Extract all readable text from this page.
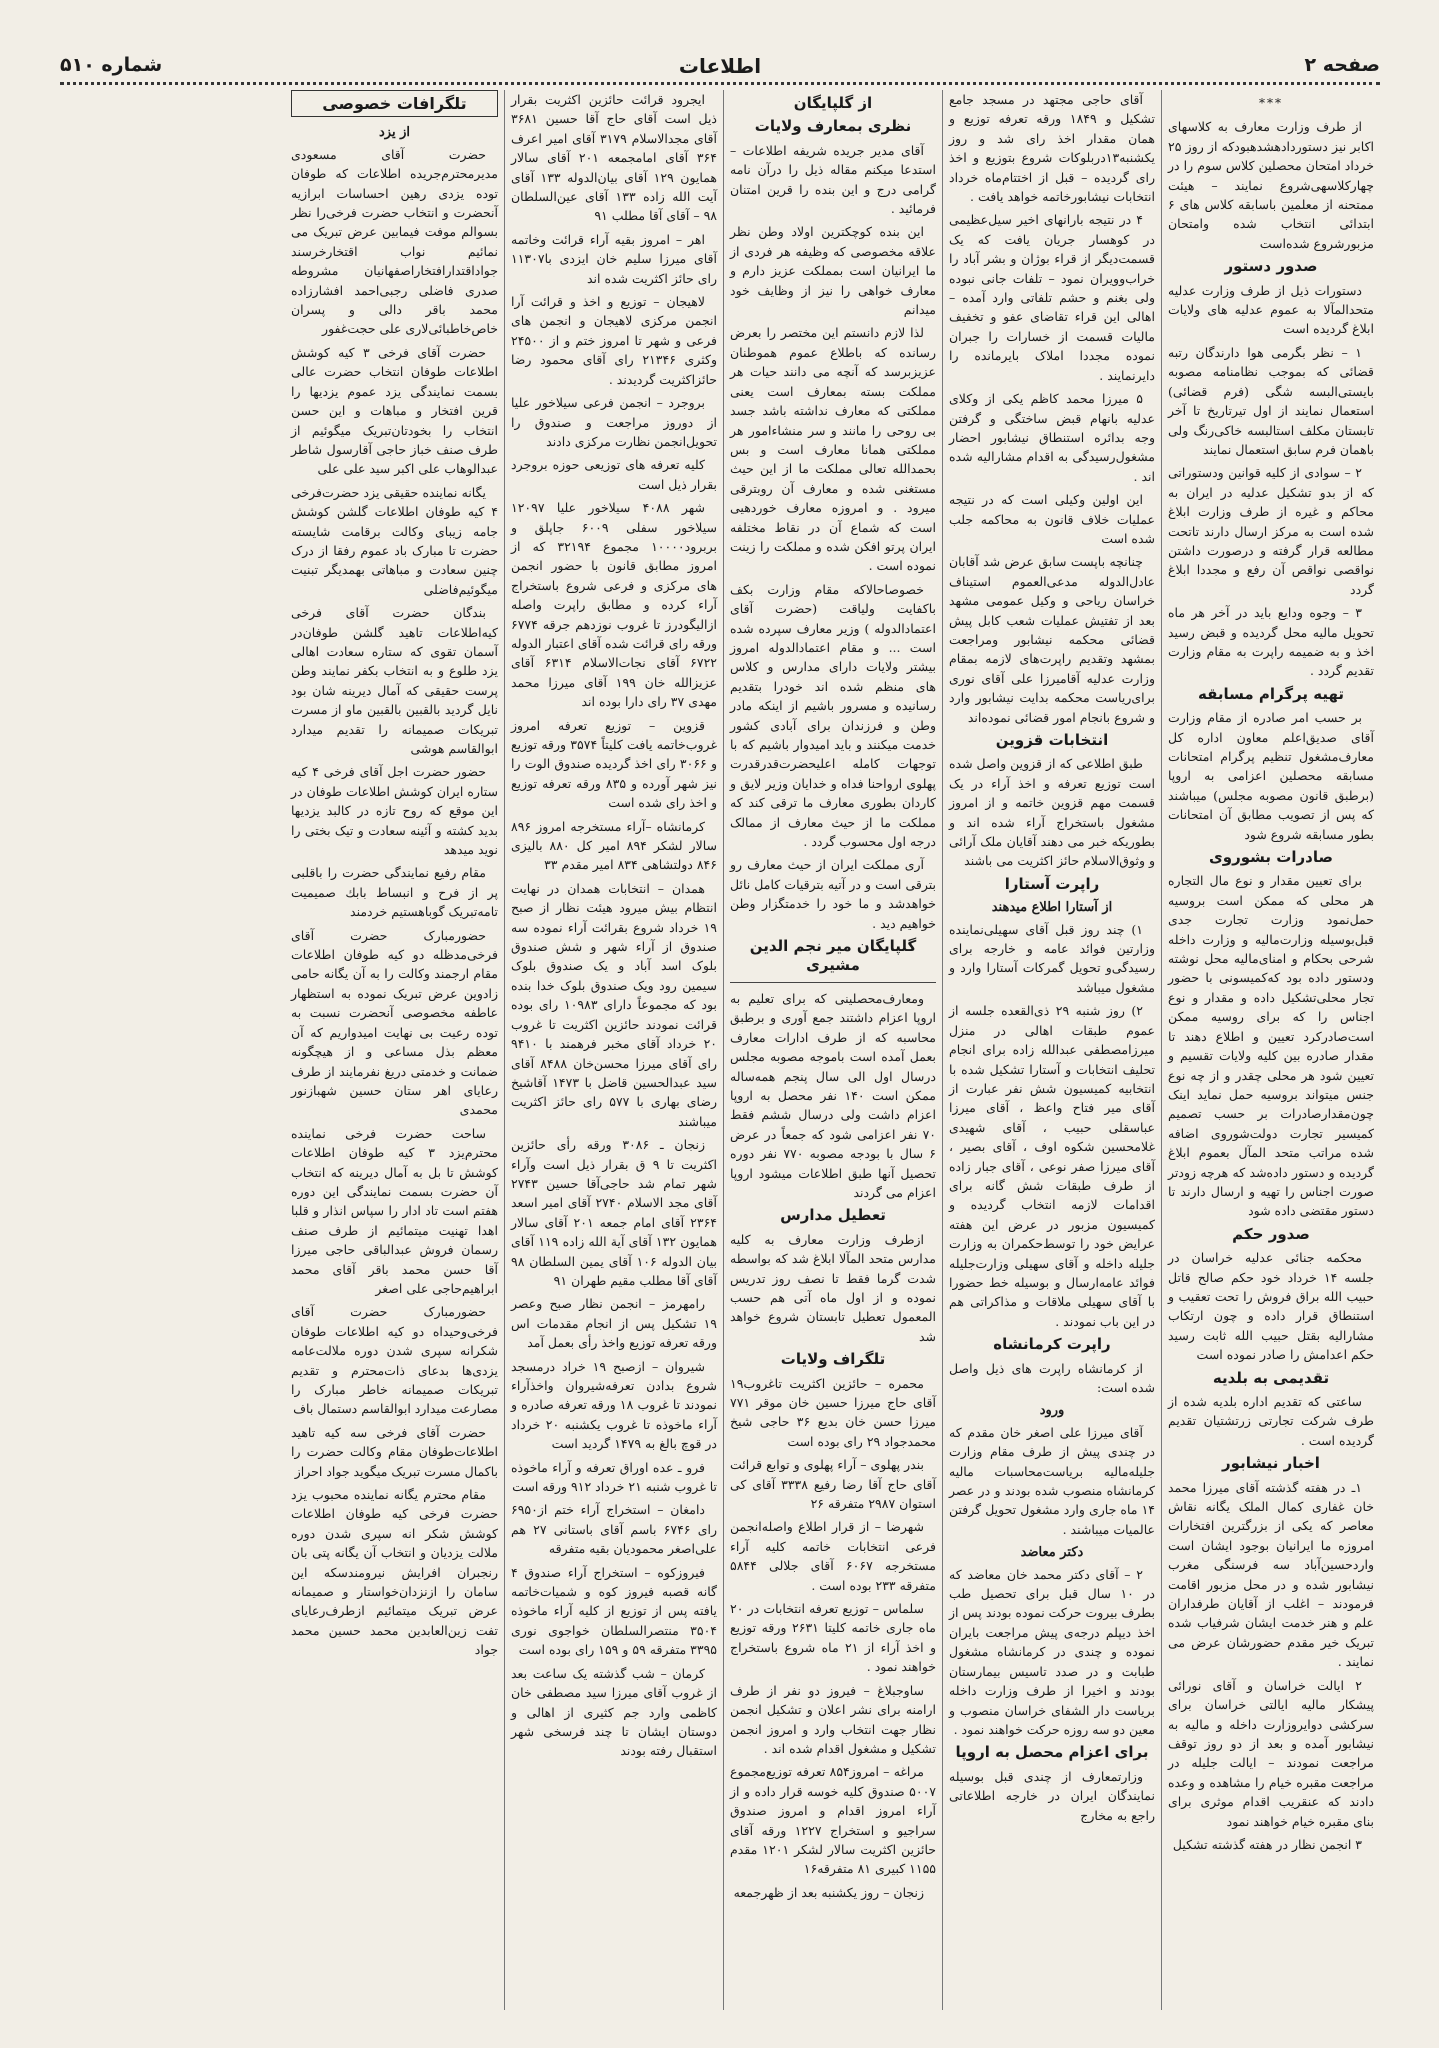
صفحه ۲
اطلاعات
شماره ۵۱۰
***

از طرف وزارت معارف به کلاسهای اکابر نیز دستوردادهشدهبودکه از روز ۲۵ خرداد امتحان محصلین کلاس سوم را در چهارکلاسهی‌شروع نمایند – هیئت ممتحنه از معلمین باسابقه کلاس های ۶ ابتدائی انتخاب شده وامتحان مزبورشروع شده‌است

صدور دستور

دستورات ذیل از طرف وزارت عدلیه متحدالمآلا به عموم عدلیه های ولایات ابلاغ گردیده است

۱ – نظر بگرمی هوا دارندگان رتبه قضائی که بموجب نظامنامه مصوبه بایستی‌البسه شگی (فرم قضائی) استعمال نمایند از اول تیرتاریخ تا آخر تابستان مکلف استالبسه خاکی‌رنگ ولی باهمان فرم سابق استعمال نمایند

۲ – سوادی از کلیه قوانین ودستوراتی که از بدو تشکیل عدلیه در ایران به محاکم و غیره از طرف وزارت ابلاغ شده است به مرکز ارسال دارند تاتحت مطالعه قرار گرفته و درصورت داشتن نواقصی نواقص آن رفع و مجددا ابلاغ گردد

۳ – وجوه ودایع باید در آخر هر ماه تحویل مالیه محل گردیده و قبض رسید اخذ و به ضمیمه راپرت به مقام وزارت تقدیم گردد .

تهیه پرگرام مسابقه

بر حسب امر صادره از مقام وزارت آقای صدیق‌اعلم معاون اداره کل معارف‌مشغول تنظیم پرگرام امتحانات مسابقه محصلین اعزامی به اروپا (برطبق قانون مصوبه مجلس) میباشند که پس از تصویب مطابق آن امتحانات بطور مسابقه شروع شود

صادرات بشوروی

برای تعیین مقدار و نوع مال التجاره هر محلی که ممکن است بروسیه حمل‌نمود وزارت تجارت جدی قبل‌بوسیله وزارت‌مالیه و وزارت داخله شرحی بحکام و امنای‌مالیه محل نوشته ودستور داده بود که‌کمیسونی با حضور تجار محلی‌تشکیل داده و مقدار و نوع اجناس را که برای روسیه ممکن است‌صادرکرد تعیین و اطلاع دهند تا مقدار صادره بین کلیه ولایات تقسیم و تعیین شود هر محلی چقدر و از چه نوع جنس میتواند بروسیه حمل نماید اینک چون‌مقدار‌صادرات بر حسب تصمیم کمیسیر تجارت دولت‌شوروی اضافه شده مراتب متحد المآل بعموم ابلاغ گردیده و دستور داده‌شد که هرچه زودتر صورت اجناس را تهیه و ارسال دارند تا دستور مقتضی داده شود

صدور حکم

محکمه جنائی عدلیه خراسان در جلسه ۱۴ خرداد خود حکم صالح قاتل حبیب الله براق فروش را تحت تعقیب و استنطاق قرار داده و چون ارتکاب مشارالیه بقتل حبیب الله ثابت رسید حکم اعدامش را صادر نموده است

تقدیمی به بلدیه

ساعتی که تقدیم اداره بلدیه شده از طرف شرکت تجارتی زرتشتیان تقدیم گردیده است .

اخبار نیشابور

۱ـ در هفته گذشته آقای میرزا محمد خان غفاری کمال الملک یگانه نقاش معاصر که یکی از بزرگترین افتخارات امروزه ما ایرانیان بوجود ایشان است واردحسین‌آباد سه فرسنگی مغرب نیشابور شده و در محل مزبور اقامت فرمودند – اغلب از آقایان طرفداران علم و هنر خدمت ایشان شرفیاب شده تبریک خیر مقدم حضورشان عرض می نمایند .

۲ ایالت خراسان و آقای نورائی پیشکار مالیه ایالتی خراسان برای سرکشی دوایروزارت داخله و مالیه به نیشابور آمده و بعد از دو روز توقف مراجعت نمودند – ایالت جلیله در مراجعت مقبره خیام را مشاهده و وعده دادند که عنقریب اقدام موثری برای بنای مقبره خیام خواهند نمود

۳ انجمن نظار در هفته گذشته تشکیل

آقای حاجی مجتهد در مسجد جامع تشکیل و ۱۸۴۹ ورقه تعرفه توزیع و همان مقدار اخذ رای شد و روز یکشنبه۱۳دربلوکات شروع بتوزیع و اخذ رای گردیده – قبل از اختتام‌ماه خرداد انتخابات نیشابورخاتمه خواهد یافت .

۴ در نتیجه بارانهای اخیر سیل‌عظیمی در کوهسار جریان یافت که یک قسمت‌دیگر از قراء بوژان و بشر آباد را خراب‌وویران نمود – تلفات جانی نبوده ولی بغنم و حشم تلفاتی وارد آمده – اهالی این قراء تقاضای عفو و تخفیف مالیات قسمت از خسارات را جبران نموده مجددا املاک بایرمانده را دایرنمایند .

۵ میرزا محمد کاظم یکی از وکلای عدلیه بانهام قبض ساختگی و گرفتن وجه بدائره استنطاق نیشابور احضار مشغول‌رسیدگی به اقدام مشارالیه شده اند .

این اولین وکیلی است که در نتیجه عملیات خلاف قانون به محاکمه جلب شده است

چنانچه باپست سابق عرض شد آقابان عادل‌الدوله مدعی‌العموم استیناف خراسان ریاحی و وکیل عمومی مشهد بعد از تفتیش عملیات شعب کابل پیش قضائی محکمه نیشابور ومراجعت بمشهد وتقدیم راپرت‌های لازمه بمقام وزارت عدلیه آقامیرزا علی آقای نوری برای‌ریاست محکمه بدایت نیشابور وارد و شروع بانجام امور قضائی نموده‌اند

انتخابات قزوین

طبق اطلاعی که از قزوین واصل شده است توزیع تعرفه و اخذ آراء در یک قسمت مهم قزوین خاتمه و از امروز مشغول باستخراج آراء شده اند و بطوریکه خبر می دهند آقایان ملک آرائی و وثوق‌الاسلام حائز اکثریت می باشند

راپرت آستارا
از آستارا اطلاع میدهند

۱) چند روز قبل آقای سهیلی‌نماینده وزارتین فوائد عامه و خارجه برای رسیدگی‌و تحویل گمرکات آستارا وارد و مشغول میباشد

۲) روز شنبه ۲۹ ذی‌القعده جلسه از عموم طبقات اهالی در منزل میرزامصطفی عبدالله زاده برای انجام تحلیف انتخابات و آستارا تشکیل شده با انتخابیه کمیسیون شش نفر عبارت از آقای میر فتاح واعظ ، آقای میرزا عباسقلی حبیب ، آقای شهیدی غلامحسین شکوه اوف ، آقای بصیر ، آقای میرزا صفر نوعی ، آقای جبار زاده از طرف طبقات شش گانه برای اقدامات لازمه انتخاب گردیده و کمیسیون مزبور در عرض این هفته عرایض خود را توسط‌حکمران به وزارت جلیله داخله و آقای سهیلی وزارت‌جلیله فوائد عامه‌ارسال و بوسیله خط حضورا با آقای سهیلی ملاقات و مذاکراتی هم در این باب نمودند .

راپرت کرمانشاه

از کرمانشاه راپرت های ذیل واصل شده است:

ورود

آقای میرزا علی اصغر خان مقدم که در چندی پیش از طرف مقام وزارت جلیله‌مالیه بریاست‌محاسبات مالیه کرمانشاه منصوب شده بودند و در عصر ۱۴ ماه جاری وارد مشغول تحویل گرفتن عالمیات میباشند .

دکتر معاضد

۲ – آقای دکتر محمد خان معاضد که در ۱۰ سال قبل برای تحصیل طب بطرف بیروت حرکت نموده بودند پس از اخذ دیپلم درجه‌ی پیش مراجعت بایران نموده و چندی در کرمانشاه مشغول طبابت و در صدد تاسیس بیمارستان بودند و اخیرا از طرف وزارت داخله بریاست دار الشفای خراسان منصوب و معین دو سه روزه حرکت خواهند نمود .

برای اعزام محصل به اروپا

وزارتمعارف از چندی قبل بوسیله نمایندگان ایران در خارجه اطلاعاتی راجع به مخارج

از گلپایگان
نظری بمعارف ولایات

آقای مدیر جریده شریفه اطلاعات – استدعا میکنم مقاله ذیل را درآن نامه گرامی درج و این بنده را قرین امتنان فرمائید .

این بنده کوچکترین اولاد وطن نظر علاقه مخصوصی که وظیفه هر فردی از ما ایرانیان است بمملکت عزیز دارم و معارف خواهی را نیز از وظایف خود میدانم

لذا لازم دانستم این مختصر را بعرض رسانده که باطلاع عموم هموطنان عزیزبرسد که آنچه می دانند حیات هر مملکت بسته بمعارف است یعنی مملکتی که معارف نداشته باشد جسد بی روحی را مانند و سر منشاءامور هر مملکتی همانا معارف است و بس بحمدالله تعالی مملکت ما از این حیث مستغنی شده و معارف آن روبترقی میرود . و امروزه معارف خوردهیی است که شماع آن در نقاط مختلفه ایران پرتو افکن شده و مملکت را زینت نموده است .

خصوصاحالاکه مقام وزارت بکف باکفایت ولیاقت (حضرت آقای اعتمادالدوله ) وزیر معارف سپرده شده است ... و مقام اعتمادالدوله امروز بیشتر ولایات دارای مدارس و کلاس های منظم شده اند خودرا بتقدیم رسانیده و مسرور باشیم از اینکه مادر وطن و فرزندان برای آبادی کشور خدمت میکنند و باید امیدوار باشیم که با توجهات کامله اعلیحضرت‌قدرقدرت پهلوی ارواحنا فداه و خدایان وزیر لایق و کاردان بطوری معارف ما ترقی کند که مملکت ما از حیث معارف از ممالک درجه اول محسوب گردد .

آری مملکت ایران از حیث معارف رو بترقی است و در آتیه بترقیات کامل نائل خواهدشد و ما خود را خدمتگزار وطن خواهیم دید .

گلپایگان میر نجم الدین مشیری

ومعارف‌محصلینی که برای تعلیم به اروپا اعزام داشتند جمع آوری و برطبق محاسبه که از طرف ادارات معارف بعمل آمده است باموجه مصوبه مجلس درسال اول الی سال پنجم همه‌ساله ممکن است ۱۴۰ نفر محصل به اروپا اعزام داشت ولی درسال ششم فقط ۷۰ نفر اعزامی شود که جمعاً در عرض ۶ سال با بودجه مصوبه ۷۷۰ نفر دوره تحصیل آنها طبق اطلاعات میشود اروپا اعزام می گردند

تعطیل مدارس

ازطرف وزارت معارف به کلیه مدارس متحد المآلا ابلاغ شد که بواسطه شدت گرما فقط تا نصف روز تدریس نموده و از اول ماه آتی هم حسب المعمول تعطیل تابستان شروع خواهد شد

تلگراف ولایات

محمره – حائزین اکثریت تاغروب۱۹ آقای حاج میرزا حسین خان موقر ۷۷۱ میرزا حسن خان بدیع ۳۶ حاجی شیخ محمدجواد ۲۹ رای بوده است

بندر پهلوی – آراء پهلوی و توابع قرائت آقای حاج آقا رضا رفیع ۳۳۳۸ آقای کی استوان ۲۹۸۷ متفرقه ۲۶

شهرضا – از قرار اطلاع واصله‌انجمن فرعی انتخابات خاتمه کلیه آراء مستخرجه ۶۰۶۷ آقای جلالی ۵۸۴۴ متفرقه ۲۳۳ بوده است .

سلماس – توزیع تعرفه انتخابات در ۲۰ ماه جاری خاتمه کلیتا ۲۶۳۱ ورقه توزیع و اخذ آراء از ۲۱ ماه شروع باستخراج خواهند نمود .

ساوجبلاغ – فیروز دو نفر از طرف ارامنه برای نشر اعلان و تشکیل انجمن نظار جهت انتخاب وارد و امروز انجمن تشکیل و مشغول اقدام شده اند .

مراغه – امروز۸۵۴ تعرفه توزیع‌مجموع ۵۰۰۷ صندوق کلیه خوسه قرار داده و از آراء امروز اقدام و امروز صندوق سراجیو و استخراج ۱۲۲۷ ورقه آقای حائزین اکثریت سالار لشکر ۱۲۰۱ مقدم ۱۱۵۵ کبیری ۸۱ متفرقه۱۶

زنجان – روز یکشنبه بعد از ظهرجمعه

ایجرود قرائت حائزین اکثریت بقرار ذیل است آقای حاج آقا حسین ۳۶۸۱ آقای مجدالاسلام ۳۱۷۹ آقای امیر اعرف ۳۶۴ آقای امامجمعه ۲۰۱ آقای سالار همایون ۱۲۹ آقای بیان‌الدوله ۱۳۳ آقای آیت الله زاده ۱۳۳ آقای عین‌السلطان ۹۸ – آقای آقا مطلب ۹۱

اهر – امروز بقیه آراء قرائت وخاتمه آقای میرزا سلیم خان ایزدی با۱۱۳۰۷ رای حائز اکثریت شده اند

لاهیجان – توزیع و اخذ و قرائت آرا انجمن مرکزی لاهیجان و انجمن های فرعی و شهر تا امروز ختم و از ۲۴۵۰۰ وکثری ۲۱۳۴۶ رای آقای محمود رضا حائزاکثریت گردیدند .

بروجرد – انجمن فرعی سیلاخور علیا از دوروز مراجعت و صندوق را تحویل‌انجمن نظارت مرکزی دادند

کلیه تعرفه های توزیعی حوزه بروجرد بقرار ذیل است

شهر ۴۰۸۸ سیلاخور علیا ۱۲۰۹۷ سیلاخور سفلی ۶۰۰۹ جاپلق و بربرود۱۰۰۰۰ مجموع ۳۲۱۹۴ که از امروز مطابق قانون با حضور انجمن های مرکزی و فرعی شروع باستخراج آراء کرده و مطابق راپرت واصله ازالیگودرز تا غروب نوزدهم جرقه ۶۷۷۴ ورقه رای قرائت شده آقای اعتبار الدوله ۶۷۲۲ آقای نجات‌الاسلام ۶۳۱۴ آقای عزیزالله خان ۱۹۹ آقای میرزا محمد مهدی ۳۷ رای دارا بوده اند

قزوین – توزیع تعرفه امروز غروب‌خاتمه یافت کلیتاً ۳۵۷۴ ورقه توزیع و ۳۰۶۶ رای اخذ گردیده صندوق الوت را نیز شهر آورده و ۸۳۵ ورقه تعرفه توزیع و اخذ رای شده است

کرمانشاه –آراء مستخرجه امروز ۸۹۶ سالار لشکر ۸۹۴ امیر کل ۸۸۰ بالیزی ۸۴۶ دولتشاهی ۸۳۴ امیر مقدم ۳۳

همدان – انتخابات همدان در نهایت انتظام بیش میرود هیئت نظار از صبح ۱۹ خرداد شروع بقرائت آراء نموده سه صندوق از آراء شهر و شش صندوق بلوک اسد آباد و یک صندوق بلوک سیمین رود ویک صندوق بلوک خدا بنده بود که مجموعاً دارای ۱۰۹۸۳ رای بوده قرائت نمودند حائزین اکثریت تا غروب ۲۰ خرداد آقای مخبر فرهمند با ۹۴۱۰ رای آقای میرزا محسن‌خان ۸۴۸۸ آقای سید عبدالحسین قاضل با ۱۴۷۳ آقاشیخ رضای بهاری با ۵۷۷ رای حائز اکثریت میباشند

زنجان ـ ۳۰۸۶ ورقه رأی حائزین اکثریت تا ۹ ق بقرار ذیل است وآراء شهر تمام شد حاجی‌آقا حسین ۲۷۴۳ آقای مجد الاسلام ۲۷۴۰ آقای امیر اسعد ۲۳۶۴ آقای امام جمعه ۲۰۱ آقای سالار همایون ۱۳۲ آقای آیة الله زاده ۱۱۹ آقای بیان الدوله ۱۰۶ آقای یمین السلطان ۹۸ آقای آقا مطلب مقیم طهران ۹۱

رامهرمز – انجمن نظار صبح وعصر ۱۹ تشکیل پس از انجام مقدمات اس ورقه تعرفه توزیع واخذ رأی بعمل آمد

شیروان – ازصبح ۱۹ خراد درمسجد شروع بدادن تعرفه‌شیروان واخذآراء نمودند تا غروب ۱۸ ورقه تعرفه صادره و آراء ماخوذه تا غروب یکشنبه ۲۰ خرداد در قوچ بالغ به ۱۴۷۹ گردید است

فرو ـ عده اوراق تعرفه و آراء ماخوذه تا غروب شنبه ۲۱ خرداد ۹۱۲ ورقه است

دامغان – استخراج آراء ختم از۶۹۵۰ رای ۶۷۴۶ باسم آقای باستانی ۲۷ هم علی‌اصغر محمودیان بقیه متفرقه

فیروزکوه – استخراج آراء صندوق ۴ گانه قصبه فیروز کوه و شمیات‌خاتمه یافته پس از توزیع از کلیه آراء ماخوذه ۳۵۰۴ منتصرالسلطان خواجوی نوری ۳۳۹۵ متفرقه ۵۹ و ۱۵۹ رای بوده است

کرمان – شب گذشته یک ساعت بعد از غروب آقای میرزا سید مصطفی خان کاظمی وارد جم کثیری از اهالی و دوستان ایشان تا چند فرسخی شهر استقبال رفته بودند

تلگرافات خصوصی
از یزد

حضرت آقای مسعودی مدیرمحترم‌جریده اطلاعات که طوفان توده یزدی رهین احساسات ابرازیه آنحضرت و انتخاب حضرت فرخی‌را نظر بسوالم موفت فیمابین عرض تبریک می نمائیم نواب اقتخارخرسند جواداقتدارافتخاراصفهانیان مشروطه صدری فاضلی رجبی‌احمد افشارزاده محمد باقر دالی و پسران خاص‌خاطبائی‌لاری علی حجت‌غفور

حضرت آقای فرخی ۳ کیه کوشش اطلاعات طوفان انتخاب حضرت عالی بسمت نمایندگی یزد عموم یزدیها را قرین افتخار و مباهات و این حسن انتخاب را بخودتان‌تبریک میگوئیم از طرف صنف خباز حاجی آقارسول شاطر عبدالوهاب علی اکبر سید علی علی

یگانه نماینده حقیقی یزد حضرت‌فرخی ۴ کیه طوفان اطلاعات گلشن کوشش جامه زیبای وکالت برقامت شایسته حضرت تا مبارک باد عموم رفقا از درک چنین سعادت و مباهاتی بهمدیگر تبنیت میگوئیم‌فاضلی

بندگان حضرت آقای فرخی کیه‌اطلاعات تاهید گلشن طوفان‌در آسمان تقوی که ستاره سعادت اهالی یزد طلوع و به انتخاب بکفر نمایند وطن پرست حقیقی که آمال دیرینه شان بود نایل گردید بالقبین بالقبین ماو از مسرت تبریکات صمیمانه را تقدیم میدارد ابوالقاسم هوشی

حضور حضرت اجل آقای فرخی ۴ کیه ستاره ایران کوشش اطلاعات طوفان در این موقع که روح تازه در کالبد یزدیها بدید کشته و آئینه سعادت و تیک بختی را نوید میدهد

مقام رفیع نمایندگی حضرت را باقلبی پر از فرح و انبساط بابك صمیمیت تامه‌تبریک گوباهستیم خردمند

حضورمبارک حضرت آقای فرخی‌مدظله دو کیه طوفان اطلاعات مقام ارجمند وکالت را به آن یگانه حامی زادوین عرض تبریک نموده به استظهار عاطفه مخصوصی آنحضرت نسبت به توده رعیت بی نهایت امیدواریم که آن معظم بذل مساعی و از هیچگونه ضمانت و خدمتی دریغ نفرمایند از طرف رعایای اهر ستان حسین شهبازنور محمدی

ساحت حضرت فرخی نماینده محترم‌یزد ۳ کیه طوفان اطلاعات کوشش تا بل به آمال دیرینه که انتخاب آن حضرت بسمت نمایندگی این دوره هفتم است تاد ادار را سپاس انذار و قلبا اهدا تهنیت میتمائیم از طرف صنف رسمان فروش عبدالباقی حاجی میرزا آقا حسن محمد باقر آقای محمد ابراهیم‌حاجی علی اصغر

حضورمبارک حضرت آقای فرخی‌وحیداه دو کیه اطلاعات طوفان شکرانه سپری شدن دوره ملالت‌عامه یزدی‌ها بدعای ذات‌محترم و تقدیم تبریکات صمیمانه خاطر مبارک را مصارعت میدارد ابوالقاسم دستمال باف

حضرت آقای فرخی سه کیه تاهید اطلاعات‌طوفان مقام وکالت حضرت را باکمال مسرت تبریک میگوید جواد احراز

مقام محترم یگانه نماینده محبوب یزد حضرت فرخی کیه طوفان اطلاعات کوشش شکر انه سپری شدن دوره ملالت یزدیان و انتخاب آن یگانه پتی بان رنجبران افرایش نیرومندسکه این سامان را ازنزدان‌خواستار و صمیمانه عرض تبریک میتمائیم ازطرف‌رعایای تفت زین‌العابدین محمد حسین محمد جواد
